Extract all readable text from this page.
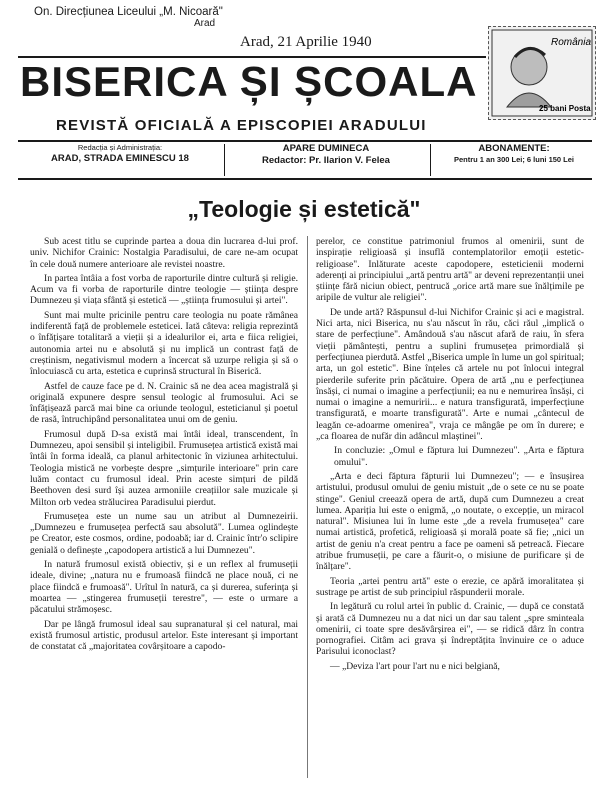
On. Direcțiunea Liceului „M. Nicoară"
Arad
Arad, 21 Aprilie 1940	România
25 bani Posta
BISERICA ȘI ȘCOALA
REVISTĂ OFICIALĂ A EPISCOPIEI ARADULUI
Redacția și Administrația:
ARAD, STRADA EMINESCU 18
APARE DUMINECA
Redactor: Pr. Ilarion V. Felea
ABONAMENTE:
Pentru 1 an 300 Lei; 6 luni 150 Lei
„Teologie și estetică"

Sub acest titlu se cuprinde partea a doua din lucrarea d-lui prof. univ. Nichifor Crainic: Nostalgia Paradisului, de care ne-am ocupat în cele două numere anterioare ale revistei noastre.

In partea întâia a fost vorba de raporturile dintre cultură și religie. Acum va fi vorba de raporturile dintre teologie — știința despre Dumnezeu și viața sfântă și estetică — „știința frumosului și artei".

Sunt mai multe pricinile pentru care teologia nu poate rămânea indiferentă față de problemele esteticei. Iată câteva: religia reprezintă o înfățișare totalitară a vieții și a idealurilor ei, arta e fiica religiei, autonomia artei nu e absolută și nu implică un contrast față de creștinism, negativismul modern a încercat să uzurpe religia și să o înlocuiască cu arta, estetica e cuprinsă structural în Biserică.

Astfel de cauze face pe d. N. Crainic să ne dea acea magistrală și originală expunere despre sensul teologic al frumosului. Aci se înfățișează parcă mai bine ca oriunde teologul, esteticianul și poetul de rasă, întruchipând personalitatea unui om de geniu.

Frumosul după D-sa există mai întâi ideal, transcendent, în Dumnezeu, apoi sensibil și inteligibil. Frumusețea artistică există mai întâi în forma ideală, ca planul arhitectonic în viziunea arhitectului. Teologia mistică ne vorbește despre „simțurile interioare" prin care luăm contact cu frumosul ideal. Prin aceste simțuri de pildă Beethoven desi surd își auzea armoniile creațiilor sale muzicale și Milton orb vedea strălucirea Paradisului pierdut.

Frumusețea este un nume sau un atribut al Dumnezeirii. „Dumnezeu e frumusețea perfectă sau absolută". Lumea oglindește pe Creator, este cosmos, ordine, podoabă; iar d. Crainic într'o sclipire genială o definește „capodopera artistică a lui Dumnezeu".

In natură frumosul există obiectiv, și e un reflex al frumuseții ideale, divine; „natura nu e frumoasă fiindcă ne place nouă, ci ne place fiindcă e frumoasă". Urîtul în natură, ca și durerea, suferința și moartea — „stingerea frumuseții terestre", — este o urmare a păcatului strămoșesc.

Dar pe lângă frumosul ideal sau supranatural și cel natural, mai există frumosul artistic, produsul artelor. Este interesant și important de constatat că „majoritatea covârșitoare a capodo-

perelor, ce constitue patrimoniul frumos al omenirii, sunt de inspirație religioasă și insuflă contemplatorilor emoții estetic-religioase". Inlăturate aceste capodopere, esteticienii moderni aderenți ai principiului „artă pentru artă" ar deveni reprezentanții unei științe fără niciun obiect, pentrucă „orice artă mare sue înălțimile pe aripile de vultur ale religiei".

De unde artă? Răspunsul d-lui Nichifor Crainic și aci e magistral. Nici arta, nici Biserica, nu s'au născut în rău, căci răul „implică o stare de perfecțiune". Amândouă s'au născut afară de raiu, în sfera vieții pământești, pentru a suplini frumusețea primordială și perfecțiunea pierdută. Astfel „Biserica umple în lume un gol spiritual; arta, un gol estetic". Bine înțeles că artele nu pot înlocui integral pierderile suferite prin păcătuire. Opera de artă „nu e perfecțiunea însăși, ci numai o imagine a perfecțiunii; ea nu e nemurirea însăși, ci numai o imagine a nemuririi... e natura transfigurată, imperfecțiune transfigurată, e moarte transfigurată". Arte e numai „cântecul de leagăn ce-adoarme omenirea", vraja ce mângâe pe om în durere; e „ca floarea de nufăr din adâncul mlaștinei".

In concluzie: „Omul e făptura lui Dumnezeu". „Arta e făptura omului".

„Arta e deci făptura făpturii lui Dumnezeu"; — e însușirea artistului, produsul omului de geniu mistuit „de o sete ce nu se poate stinge". Geniul creează opera de artă, după cum Dumnezeu a creat lumea. Apariția lui este o enigmă, „o noutate, o excepție, un miracol natural". Misiunea lui în lume este „de a revela frumusețea" care numai artistică, profetică, religioasă și morală poate să fie; „nici un artist de geniu n'a creat pentru a face pe oameni să petreacă. Fiecare atribue frumuseții, pe care a făurit-o, o misiune de purificare și de înălțare".

Teoria „artei pentru artă" este o erezie, ce apără imoralitatea și sustrage pe artist de sub principiul răspunderii morale.

In legătură cu rolul artei în public d. Crainic, — după ce constată și arată că Dumnezeu nu a dat nici un dar sau talent „spre sminteala omenirii, ci toate spre desăvârșirea ei", — se ridică dârz în contra pornografiei. Citâm aci grava și îndreptățita învinuire ce o aduce Parisului iconoclast?

— „Deviza l'art pour l'art nu e nici belgiană,
